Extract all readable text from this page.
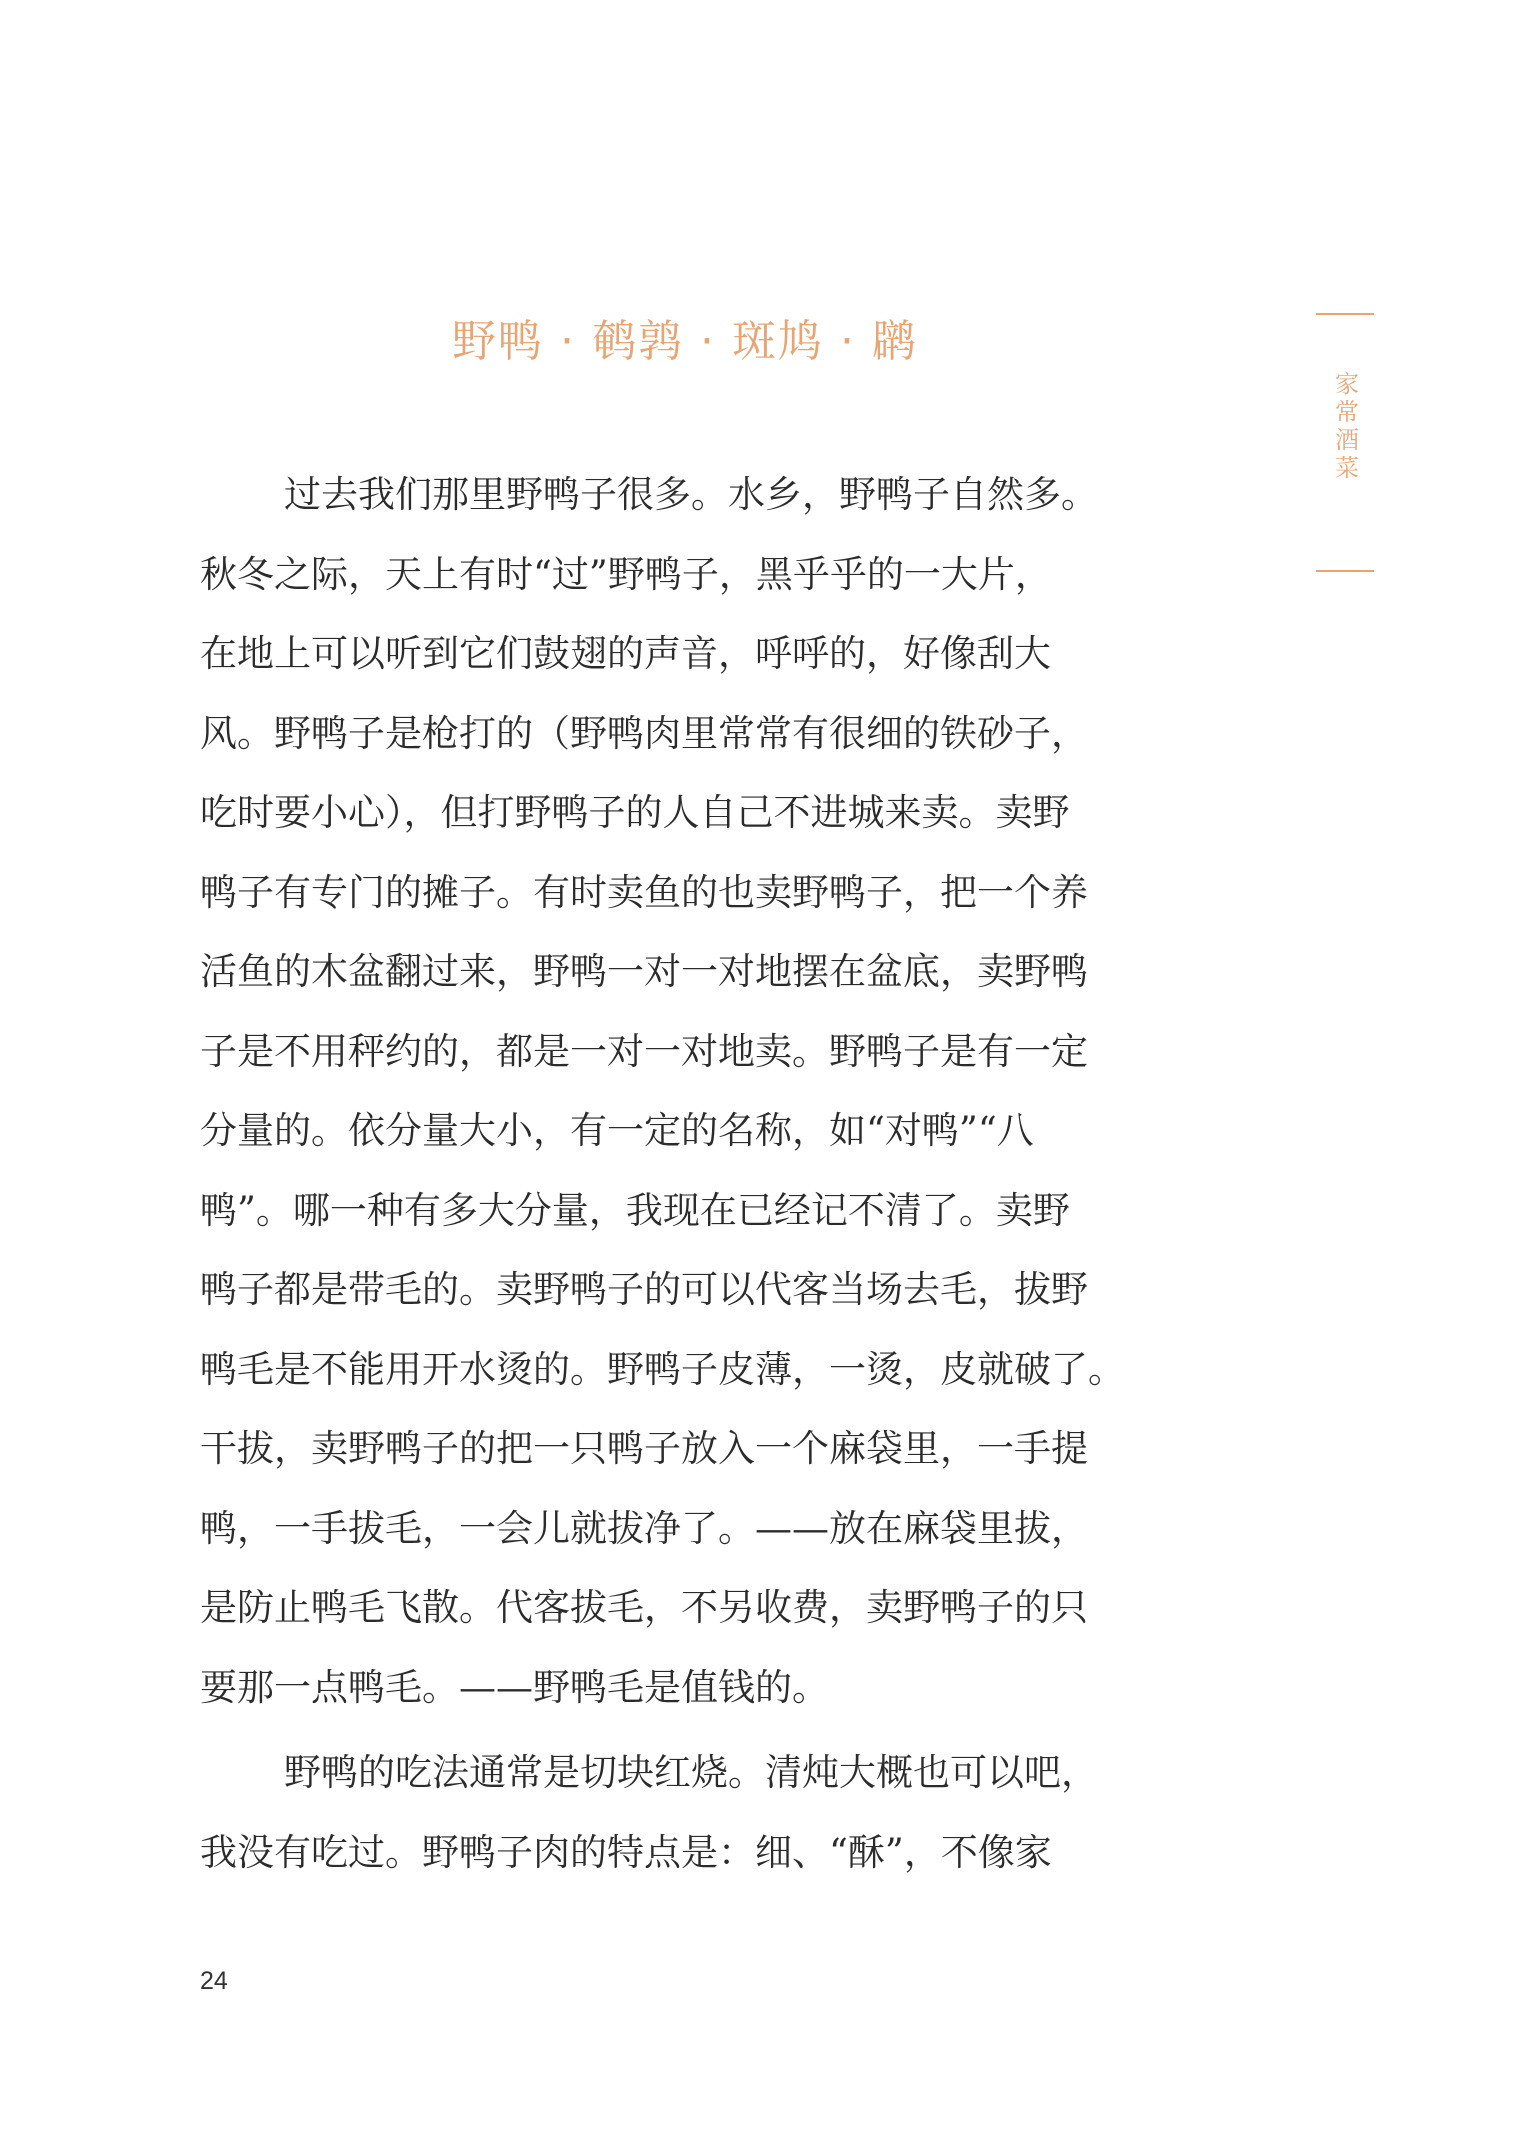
野鸭 · 鹌鹑 · 斑鸠 · 䴙
家常酒菜
过去我们那里野鸭子很多。水乡，野鸭子自然多。
秋冬之际，天上有时“过”野鸭子，黑乎乎的一大片，
在地上可以听到它们鼓翅的声音，呼呼的，好像刮大
风。野鸭子是枪打的（野鸭肉里常常有很细的铁砂子，
吃时要小心），但打野鸭子的人自己不进城来卖。卖野
鸭子有专门的摊子。有时卖鱼的也卖野鸭子，把一个养
活鱼的木盆翻过来，野鸭一对一对地摆在盆底，卖野鸭
子是不用秤约的，都是一对一对地卖。野鸭子是有一定
分量的。依分量大小，有一定的名称，如“对鸭”“八
鸭”。哪一种有多大分量，我现在已经记不清了。卖野
鸭子都是带毛的。卖野鸭子的可以代客当场去毛，拔野
鸭毛是不能用开水烫的。野鸭子皮薄，一烫，皮就破了。
干拔，卖野鸭子的把一只鸭子放入一个麻袋里，一手提
鸭，一手拔毛，一会儿就拔净了。——放在麻袋里拔，
是防止鸭毛飞散。代客拔毛，不另收费，卖野鸭子的只
要那一点鸭毛。——野鸭毛是值钱的。
野鸭的吃法通常是切块红烧。清炖大概也可以吧，
我没有吃过。野鸭子肉的特点是：细、“酥”，不像家
24
